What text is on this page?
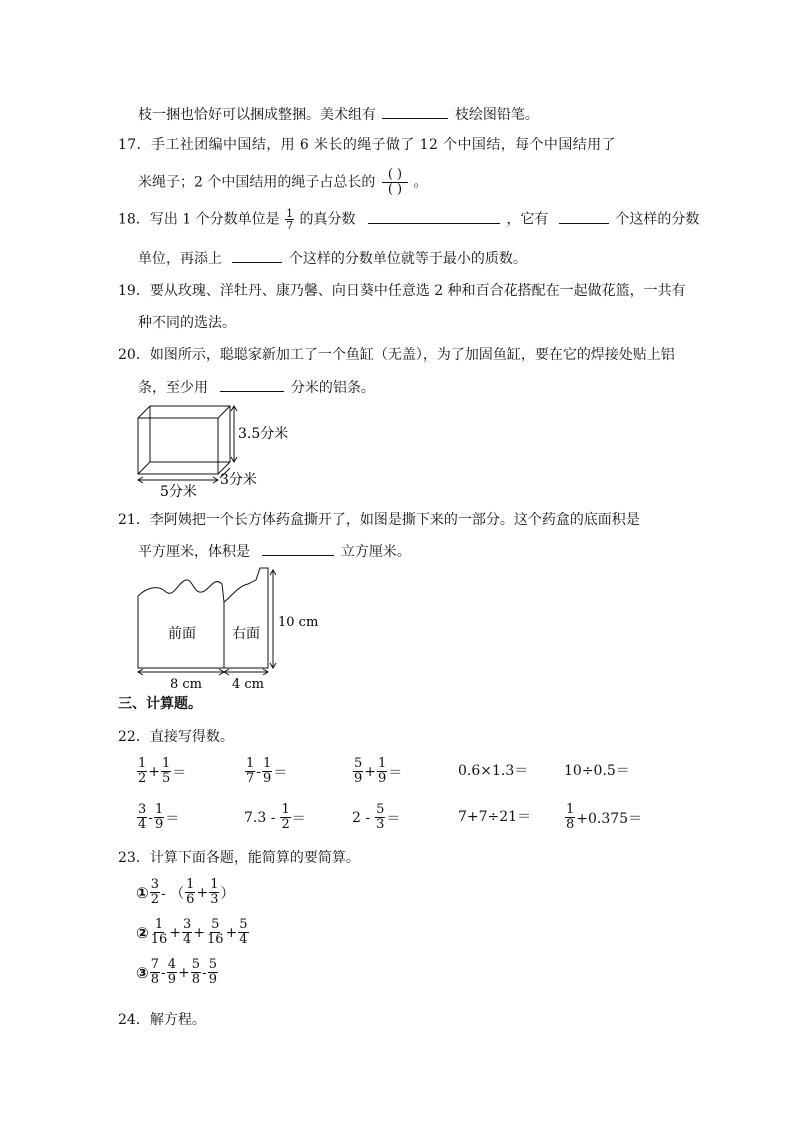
枝一捆也恰好可以捆成整捆。美术组有	枝绘图铅笔。
17．手工社团编中国结，用 6 米长的绳子做了 12 个中国结，每个中国结用了
米绳子；2 个中国结用的绳子占总长的 $\frac{( )}{( )}$ 。
18．写出 1 个分数单位是 $\frac{1}{7}$ 的真分数	，它有	个这样的分数
单位，再添上	个这样的分数单位就等于最小的质数。
19．要从玫瑰、洋牡丹、康乃馨、向日葵中任意选 2 种和百合花搭配在一起做花篮，一共有
种不同的选法。
20．如图所示，聪聪家新加工了一个鱼缸（无盖），为了加固鱼缸，要在它的焊接处贴上铝
条，至少用	分米的铝条。
3.5分米
3分米
5分米
21．李阿姨把一个长方体药盒撕开了，如图是撕下来的一部分。这个药盒的底面积是
平方厘米，体积是	立方厘米。
前面	右面
10 cm
8 cm 4 cm
三、计算题。
22．直接写得数。
$\frac{1}{2} + \frac{1}{5}$ ＝	$\frac{1}{7} - \frac{1}{9}$ ＝	$\frac{5}{9} + \frac{1}{9}$ ＝	0.6×1.3＝	10÷0.5＝
$\frac{3}{4} - \frac{1}{9}$ ＝	$7.3 - \frac{1}{2}$ ＝	$2 - \frac{5}{3}$ ＝	7+7÷21＝	$\frac{1}{8} +0.375=$
23．计算下面各题，能简算的要简算。
① $\frac{3}{2}$ - （ $\frac{1}{6} + \frac{1}{3}$ ）
② $\frac{1}{16} + \frac{3}{4} + \frac{5}{16} + \frac{5}{4}$
③ $\frac{7}{8} - \frac{4}{9} + \frac{5}{8} - \frac{5}{9}$
24．解方程。
